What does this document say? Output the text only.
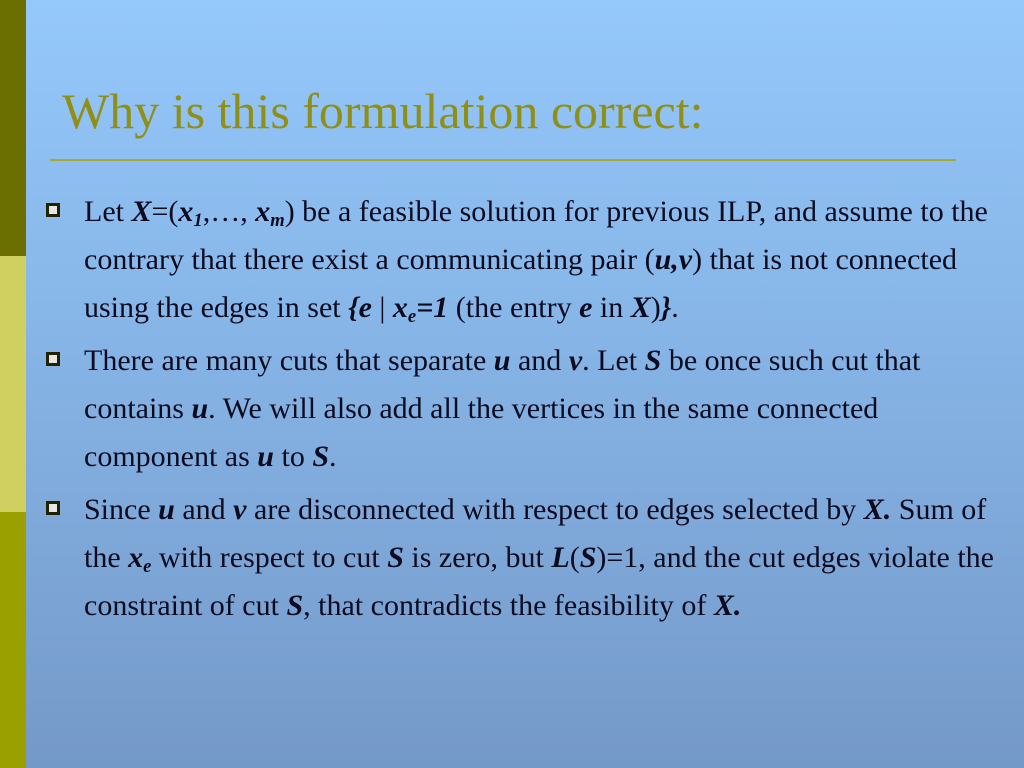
Why is this formulation correct:
Let $X=(x_1,\dots$, $x_m$) be a feasible solution for previous ILP, and assume to the contrary that there exist a communicating pair (u,v) that is not connected using the edges in set {e | $x_e=1$ (the entry e in X)}.
There are many cuts that separate u and v. Let S be once such cut that contains u. We will also add all the vertices in the same connected component as u to S.
Since u and v are disconnected with respect to edges selected by X. Sum of the $x_e$ with respect to cut S is zero, but L(S)=1, and the cut edges violate the constraint of cut S, that contradicts the feasibility of X.
